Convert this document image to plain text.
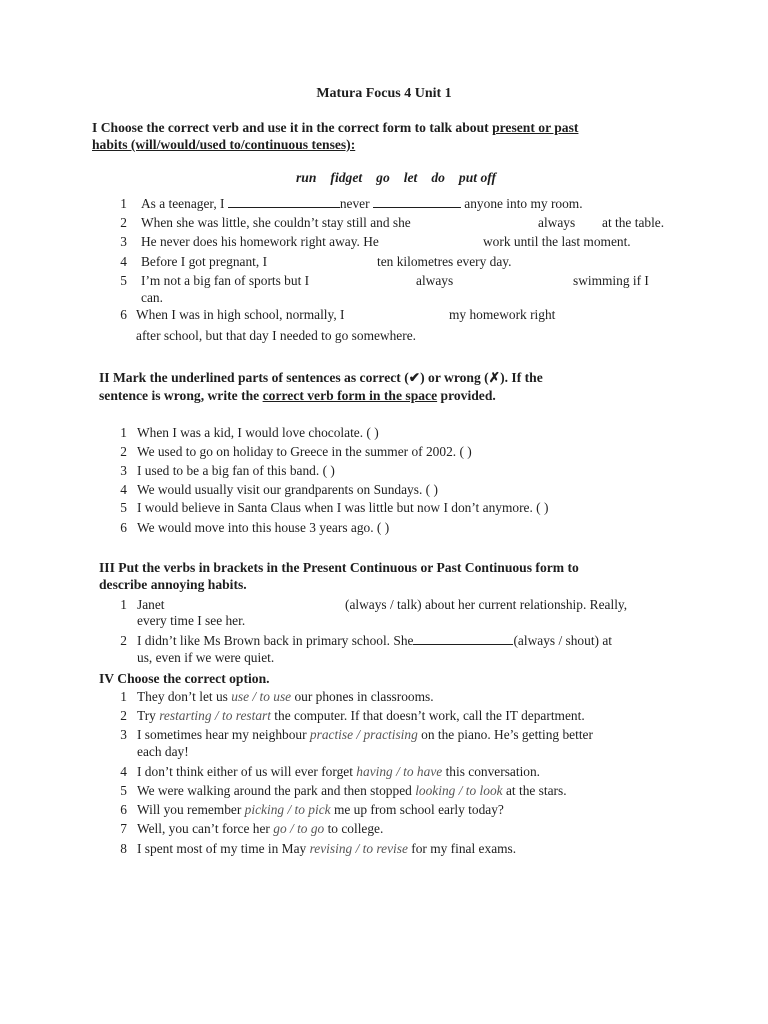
Matura Focus 4 Unit 1
I Choose the correct verb and use it in the correct form to talk about present or past
habits (will/would/used to/continuous tenses):
run fidget go let do put off
1 As a teenager, I	never	anyone into my room.
2 When she was little, she couldn’t stay still and she	always at the table.
3 He never does his homework right away. He	work until the last moment.
4 Before I got pregnant, I	ten kilometres every day.
5 I’m not a big fan of sports but I	always	swimming if I
can.
6 When I was in high school, normally, I	my homework right
after school, but that day I needed to go somewhere.
II Mark the underlined parts of sentences as correct (✔) or wrong (✗). If the
sentence is wrong, write the correct verb form in the space provided.
1 When I was a kid, I would love chocolate. ( )
2 We used to go on holiday to Greece in the summer of 2002. ( )
3 I used to be a big fan of this band. ( )
4 We would usually visit our grandparents on Sundays. ( )
5 I would believe in Santa Claus when I was little but now I don’t anymore. ( )
6 We would move into this house 3 years ago. ( )
III Put the verbs in brackets in the Present Continuous or Past Continuous form to
describe annoying habits.
1 Janet	(always / talk) about her current relationship. Really,
every time I see her.
2 I didn’t like Ms Brown back in primary school. She	(always / shout) at
us, even if we were quiet.
IV Choose the correct option.
1 They don’t let us use / to use our phones in classrooms.
2 Try restarting / to restart the computer. If that doesn’t work, call the IT department.
3 I sometimes hear my neighbour practise / practising on the piano. He’s getting better
each day!
4 I don’t think either of us will ever forget having / to have this conversation.
5 We were walking around the park and then stopped looking / to look at the stars.
6 Will you remember picking / to pick me up from school early today?
7 Well, you can’t force her go / to go to college.
8 I spent most of my time in May revising / to revise for my final exams.
